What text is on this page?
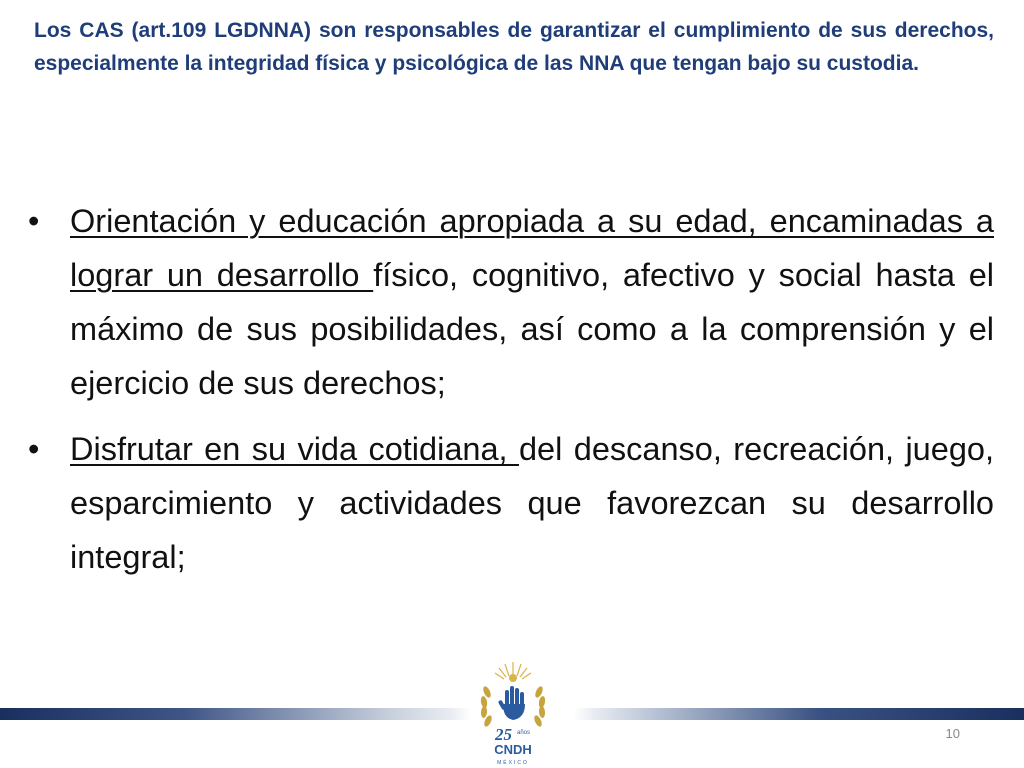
Los CAS (art.109 LGDNNA) son responsables de garantizar el cumplimiento de sus derechos, especialmente la integridad física y psicológica de las NNA que tengan bajo su custodia.

• Orientación y educación apropiada a su edad, encaminadas a lograr un desarrollo físico, cognitivo, afectivo y social hasta el máximo de sus posibilidades, así como a la comprensión y el ejercicio de sus derechos;
• Disfrutar en su vida cotidiana, del descanso, recreación, juego, esparcimiento y actividades que favorezcan su desarrollo integral;
25 años
CNDH
MÉXICO
10
